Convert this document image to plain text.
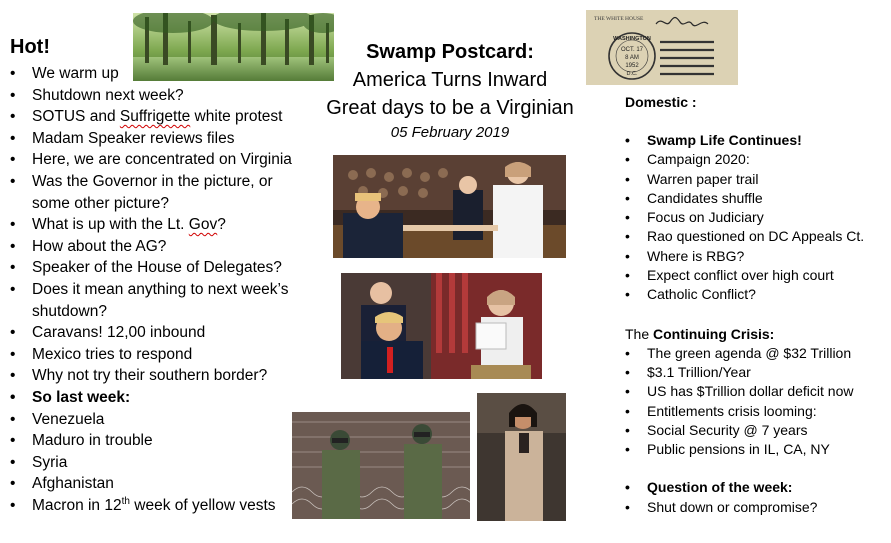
Hot!
• We warm up
• Shutdown next week?
• SOTUS and Suffrigette white protest
• Madam Speaker reviews files
• Here, we are concentrated on Virginia
• Was the Governor in the picture, or some other picture?
• What is up with the Lt. Gov?
• How about the AG?
• Speaker of the House of Delegates?
• Does it mean anything to next week’s shutdown?
• Caravans! 12,00 inbound
• Mexico tries to respond
• Why not try their southern border?
• So last week:
• Venezuela
• Maduro in trouble
• Syria
• Afghanistan
• Macron in 12th week of yellow vests
Swamp Postcard:
America Turns Inward
Great days to be a Virginian
05 February 2019
THE WHITE HOUSE
WASHINGTON
OCT. 17
8 AM
1952
D.C.
Domestic :
• Swamp Life Continues!
• Campaign 2020:
• Warren paper trail
• Candidates shuffle
• Focus on Judiciary
• Rao questioned on DC Appeals Ct.
• Where is RBG?
• Expect conflict over high court
• Catholic Conflict?
The Continuing Crisis:
• The green agenda @ $32 Trillion
• $3.1 Trillion/Year
• US has $Trillion dollar deficit now
• Entitlements crisis looming:
• Social Security @ 7 years
• Public pensions in IL, CA, NY
• Question of the week:
• Shut down or compromise?
